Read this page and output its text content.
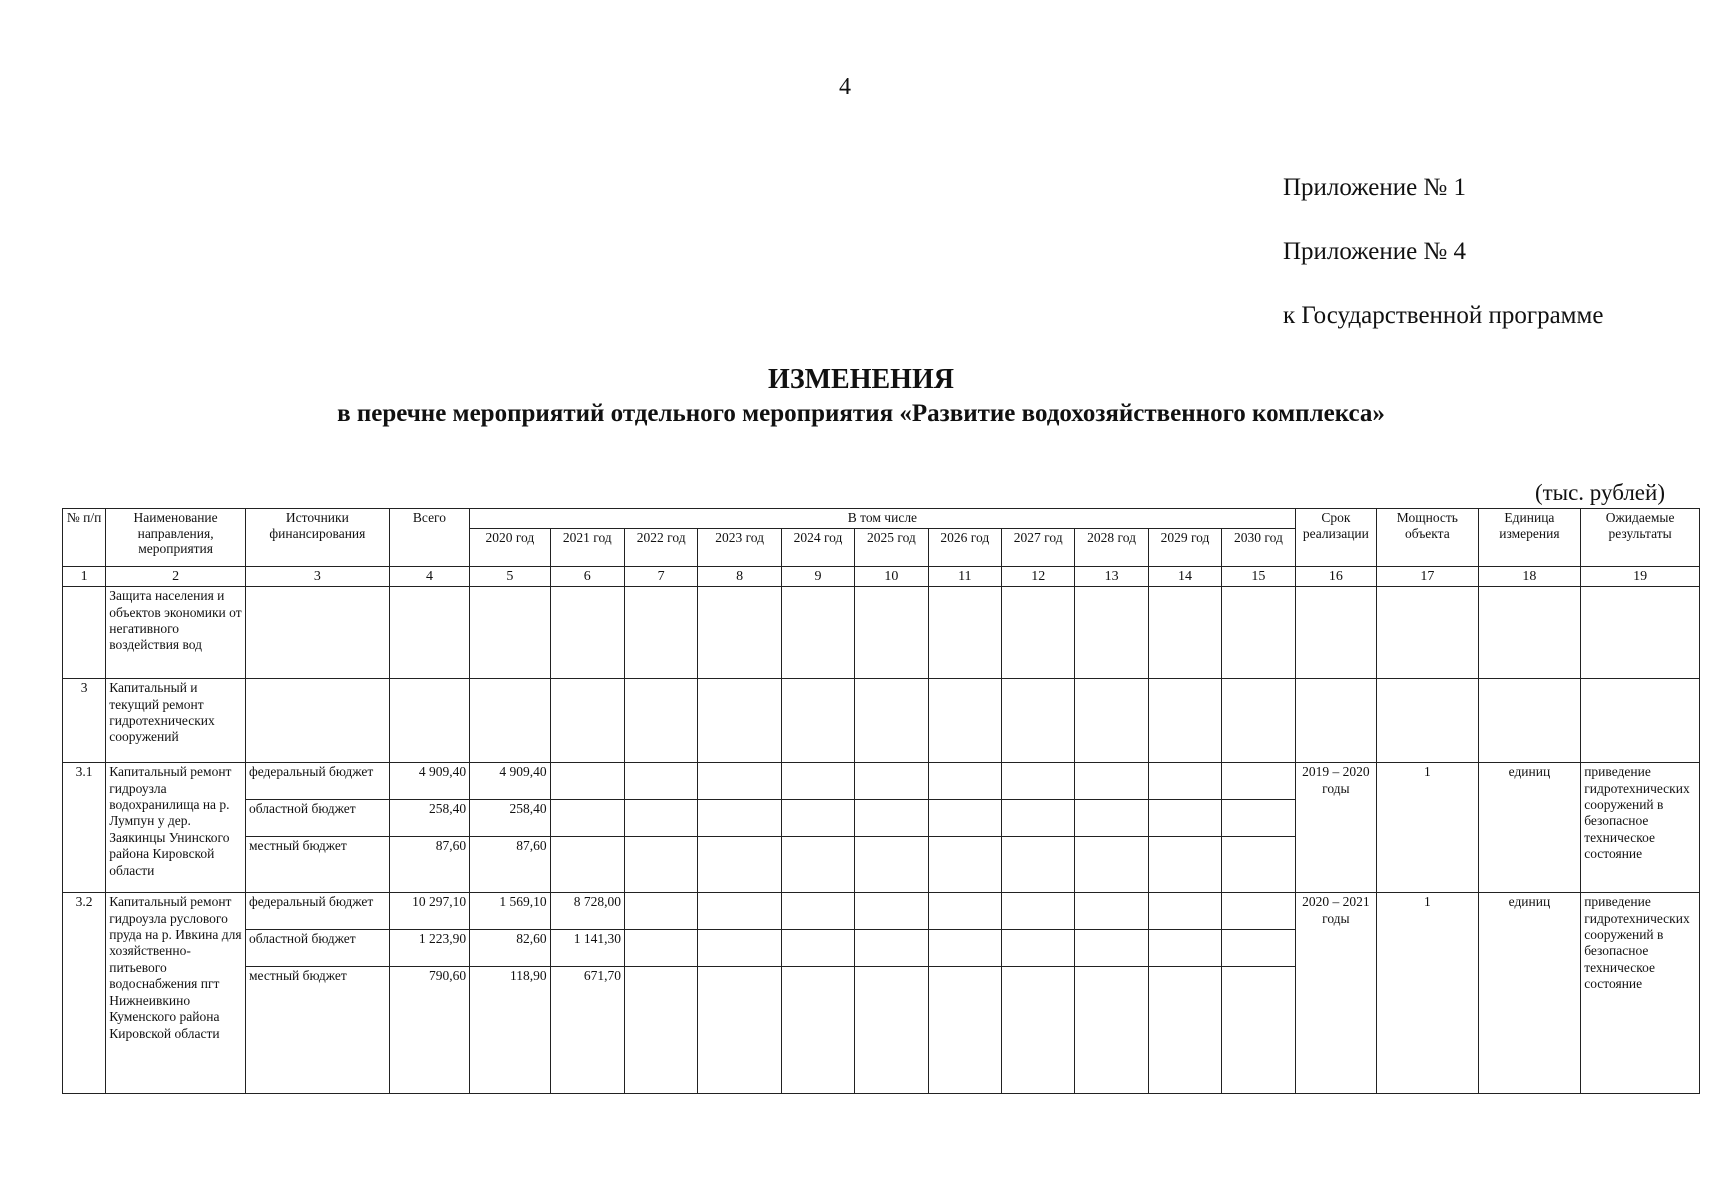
4
Приложение № 1
Приложение № 4
к Государственной программе
ИЗМЕНЕНИЯ
в перечне мероприятий отдельного мероприятия «Развитие водохозяйственного комплекса»
(тыс. рублей)
№ п/п	Наименование направления, мероприятия	Источники финансирования	Всего	В том числе											Срок реализации	Мощность объекта	Единица измерения	Ожидаемые результаты
				2020 год	2021 год	2022 год	2023 год	2024 год	2025 год	2026 год	2027 год	2028 год	2029 год	2030 год				
1	2	3	4	5	6	7	8	9	10	11	12	13	14	15	16	17	18	19
	Защита населения и объектов экономики от негативного воздействия вод																	
3	Капитальный и текущий ремонт гидротехнических сооружений																	
3.1	Капитальный ремонт гидроузла водохранилища на р. Лумпун у дер. Заякинцы Унинского района Кировской области	федеральный бюджет	4 909,40	4 909,40											2019 – 2020 годы	1	единиц	приведение гидротехнических сооружений в безопасное техническое состояние
		областной бюджет	258,40	258,40														
		местный бюджет	87,60	87,60														
3.2	Капитальный ремонт гидроузла руслового пруда на р. Ивкина для хозяйственно-питьевого водоснабжения пгт Нижнеивкино Куменского района Кировской области	федеральный бюджет	10 297,10	1 569,10	8 728,00										2020 – 2021 годы	1	единиц	приведение гидротехнических сооружений в безопасное техническое состояние
		областной бюджет	1 223,90	82,60	1 141,30													
		местный бюджет	790,60	118,90	671,70													
